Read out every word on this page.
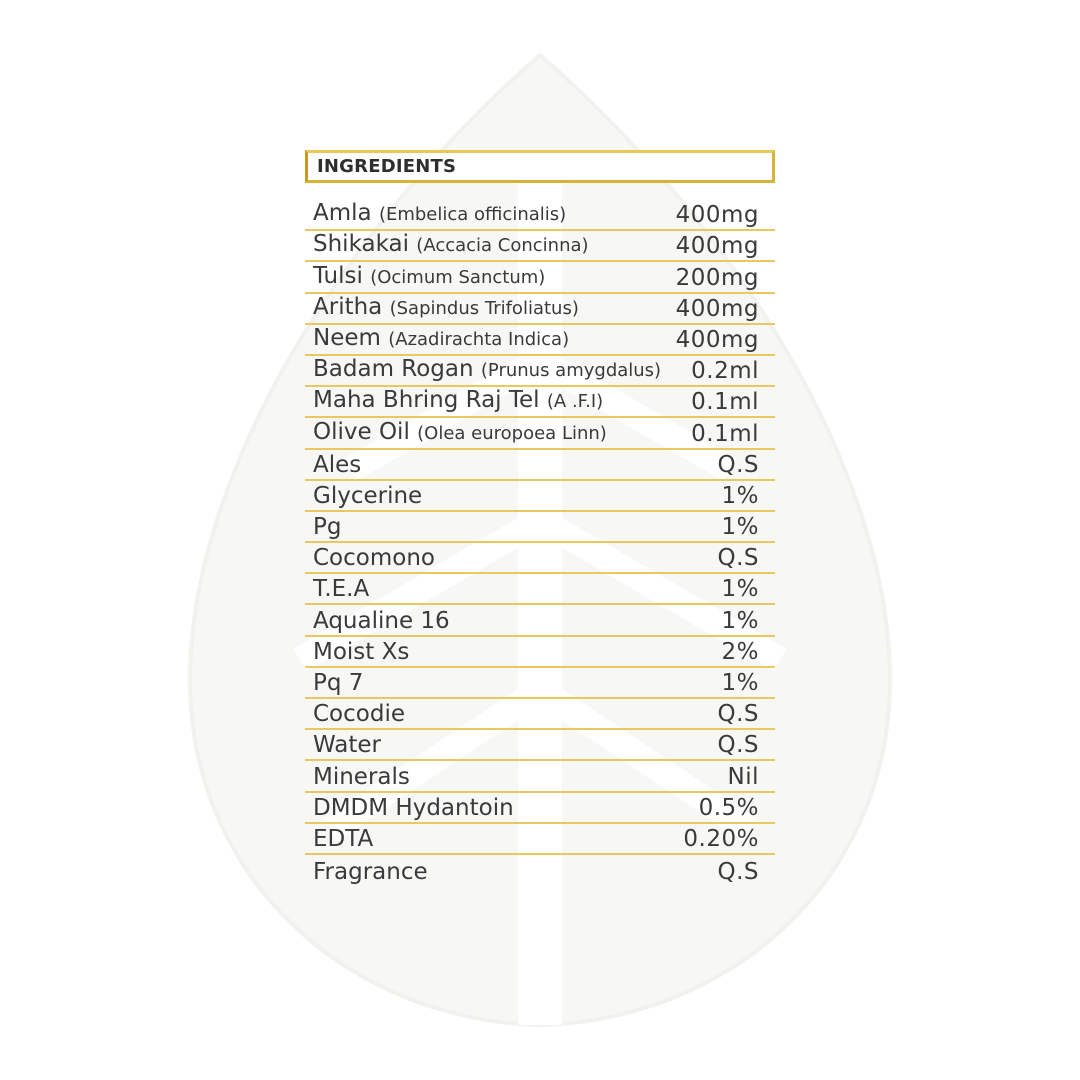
INGREDIENTS
Amla (Embelica officinalis)	400mg
Shikakai (Accacia Concinna)	400mg
Tulsi (Ocimum Sanctum)	200mg
Aritha (Sapindus Trifoliatus)	400mg
Neem (Azadirachta Indica)	400mg
Badam Rogan (Prunus amygdalus) 0.2ml
Maha Bhring Raj Tel (A .F.I)	0.1ml
Olive Oil (Olea europoea Linn)	0.1ml
Ales	Q.S
Glycerine	1%
Pg	1%
Cocomono	Q.S
T.E.A	1%
Aqualine 16	1%
Moist Xs	2%
Pq 7	1%
Cocodie	Q.S
Water	Q.S
Minerals	Nil
DMDM Hydantoin	0.5%
EDTA	0.20%
Fragrance	Q.S
